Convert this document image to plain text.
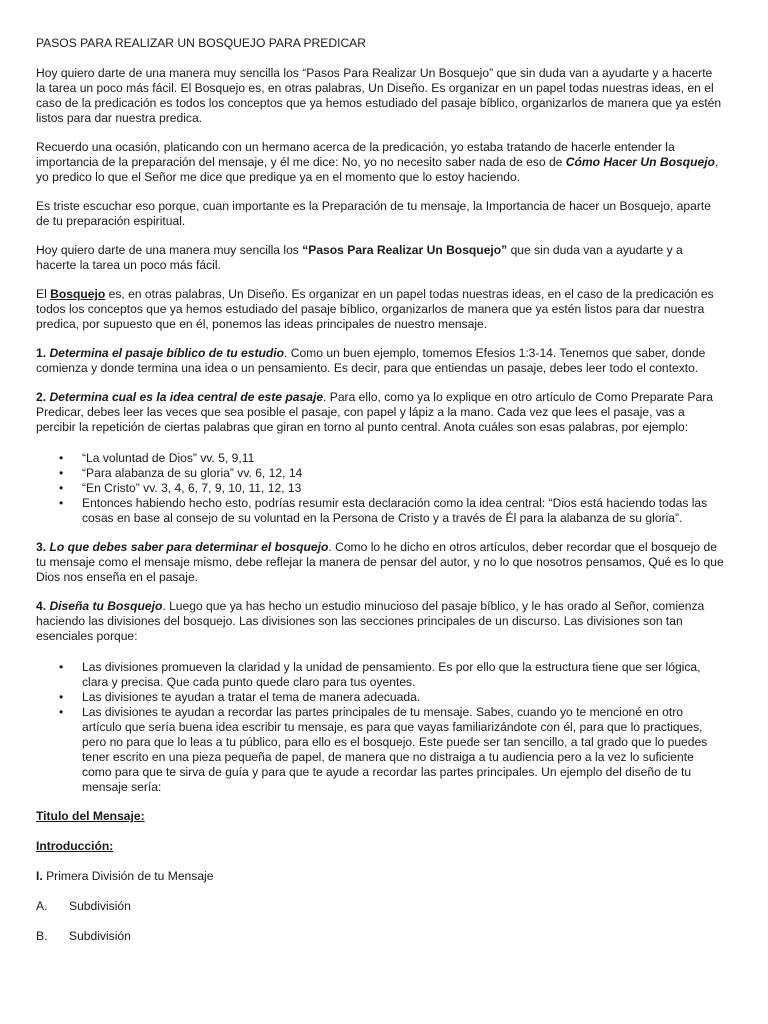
PASOS PARA REALIZAR UN BOSQUEJO PARA PREDICAR

Hoy quiero darte de una manera muy sencilla los “Pasos Para Realizar Un Bosquejo” que sin duda van a ayudarte y a hacerte la tarea un poco más fácil. El Bosquejo es, en otras palabras, Un Diseño. Es organizar en un papel todas nuestras ideas, en el caso de la predicación es todos los conceptos que ya hemos estudiado del pasaje bíblico, organizarlos de manera que ya estén listos para dar nuestra predica.

Recuerdo una ocasión, platicando con un hermano acerca de la predicación, yo estaba tratando de hacerle entender la importancia de la preparación del mensaje, y él me dice: No, yo no necesito saber nada de eso de Cómo Hacer Un Bosquejo, yo predico lo que el Señor me dice que predique ya en el momento que lo estoy haciendo.

Es triste escuchar eso porque, cuan importante es la Preparación de tu mensaje, la Importancia de hacer un Bosquejo, aparte de tu preparación espiritual.

Hoy quiero darte de una manera muy sencilla los “Pasos Para Realizar Un Bosquejo” que sin duda van a ayudarte y a hacerte la tarea un poco más fácil.

El Bosquejo es, en otras palabras, Un Diseño. Es organizar en un papel todas nuestras ideas, en el caso de la predicación es todos los conceptos que ya hemos estudiado del pasaje bíblico, organizarlos de manera que ya estén listos para dar nuestra predica, por supuesto que en él, ponemos las ideas principales de nuestro mensaje.

1. Determina el pasaje bíblico de tu estudio. Como un buen ejemplo, tomemos Efesios 1:3-14. Tenemos que saber, donde comienza y donde termina una idea o un pensamiento. Es decir, para que entiendas un pasaje, debes leer todo el contexto.

2. Determina cual es la idea central de este pasaje. Para ello, como ya lo explique en otro artículo de Como Preparate Para Predicar, debes leer las veces que sea posible el pasaje, con papel y lápiz a la mano. Cada vez que lees el pasaje, vas a percibir la repetición de ciertas palabras que giran en torno al punto central. Anota cuáles son esas palabras, por ejemplo:

• “La voluntad de Dios” vv. 5, 9,11
• “Para alabanza de su gloria” vv. 6, 12, 14
• “En Cristo” vv. 3, 4, 6, 7, 9, 10, 11, 12, 13
• Entonces habiendo hecho esto, podrías resumir esta declaración como la idea central: “Dios está haciendo todas las cosas en base al consejo de su voluntad en la Persona de Cristo y a través de Él para la alabanza de su gloria”.

3. Lo que debes saber para determinar el bosquejo. Como lo he dicho en otros artículos, deber recordar que el bosquejo de tu mensaje como el mensaje mismo, debe reflejar la manera de pensar del autor, y no lo que nosotros pensamos, Qué es lo que Dios nos enseña en el pasaje.

4. Diseña tu Bosquejo. Luego que ya has hecho un estudio minucioso del pasaje bíblico, y le has orado al Señor, comienza haciendo las divisiones del bosquejo. Las divisiones son las secciones principales de un discurso. Las divisiones son tan esenciales porque:

• Las divisiones promueven la claridad y la unidad de pensamiento. Es por ello que la estructura tiene que ser lógica, clara y precisa. Que cada punto quede claro para tus oyentes.
• Las divisiones te ayudan a tratar el tema de manera adecuada.
• Las divisiones te ayudan a recordar las partes principales de tu mensaje. Sabes, cuando yo te mencioné en otro artículo que sería buena idea escribir tu mensaje, es para que vayas familiarizándote con él, para que lo practiques, pero no para que lo leas a tu público, para ello es el bosquejo. Este puede ser tan sencillo, a tal grado que lo puedes tener escrito en una pieza pequeña de papel, de manera que no distraiga a tu audiencia pero a la vez lo suficiente como para que te sirva de guía y para que te ayude a recordar las partes principales. Un ejemplo del diseño de tu mensaje sería:
Titulo del Mensaje:
Introducción:
I. Primera División de tu Mensaje
A. Subdivisión
B. Subdivisión
